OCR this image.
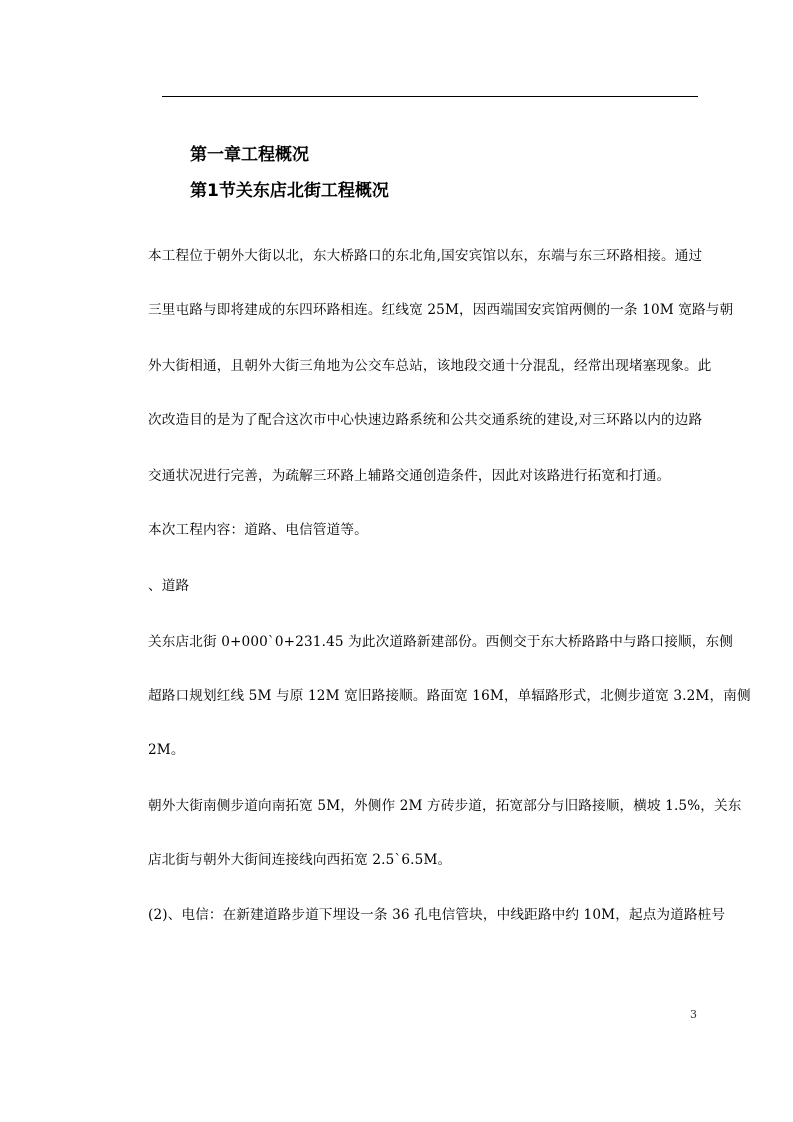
第一章工程概况
第1节关东店北街工程概况
本工程位于朝外大街以北，东大桥路口的东北角,国安宾馆以东，东端与东三环路相接。通过
三里屯路与即将建成的东四环路相连。红线宽 25M，因西端国安宾馆两侧的一条 10M 宽路与朝
外大街相通，且朝外大街三角地为公交车总站，该地段交通十分混乱，经常出现堵塞现象。此
次改造目的是为了配合这次市中心快速边路系统和公共交通系统的建设,对三环路以内的边路
交通状况进行完善，为疏解三环路上辅路交通创造条件，因此对该路进行拓宽和打通。
本次工程内容：道路、电信管道等。
、道路
关东店北街 0+000`0+231.45 为此次道路新建部份。西侧交于东大桥路路中与路口接顺，东侧
超路口规划红线 5M 与原 12M 宽旧路接顺。路面宽 16M，单辐路形式，北侧步道宽 3.2M，南侧
2M。
朝外大街南侧步道向南拓宽 5M，外侧作 2M 方砖步道，拓宽部分与旧路接顺，横坡 1.5%，关东
店北街与朝外大街间连接线向西拓宽 2.5`6.5M。
(2)、电信：在新建道路步道下埋设一条 36 孔电信管块，中线距路中约 10M，起点为道路桩号
3
